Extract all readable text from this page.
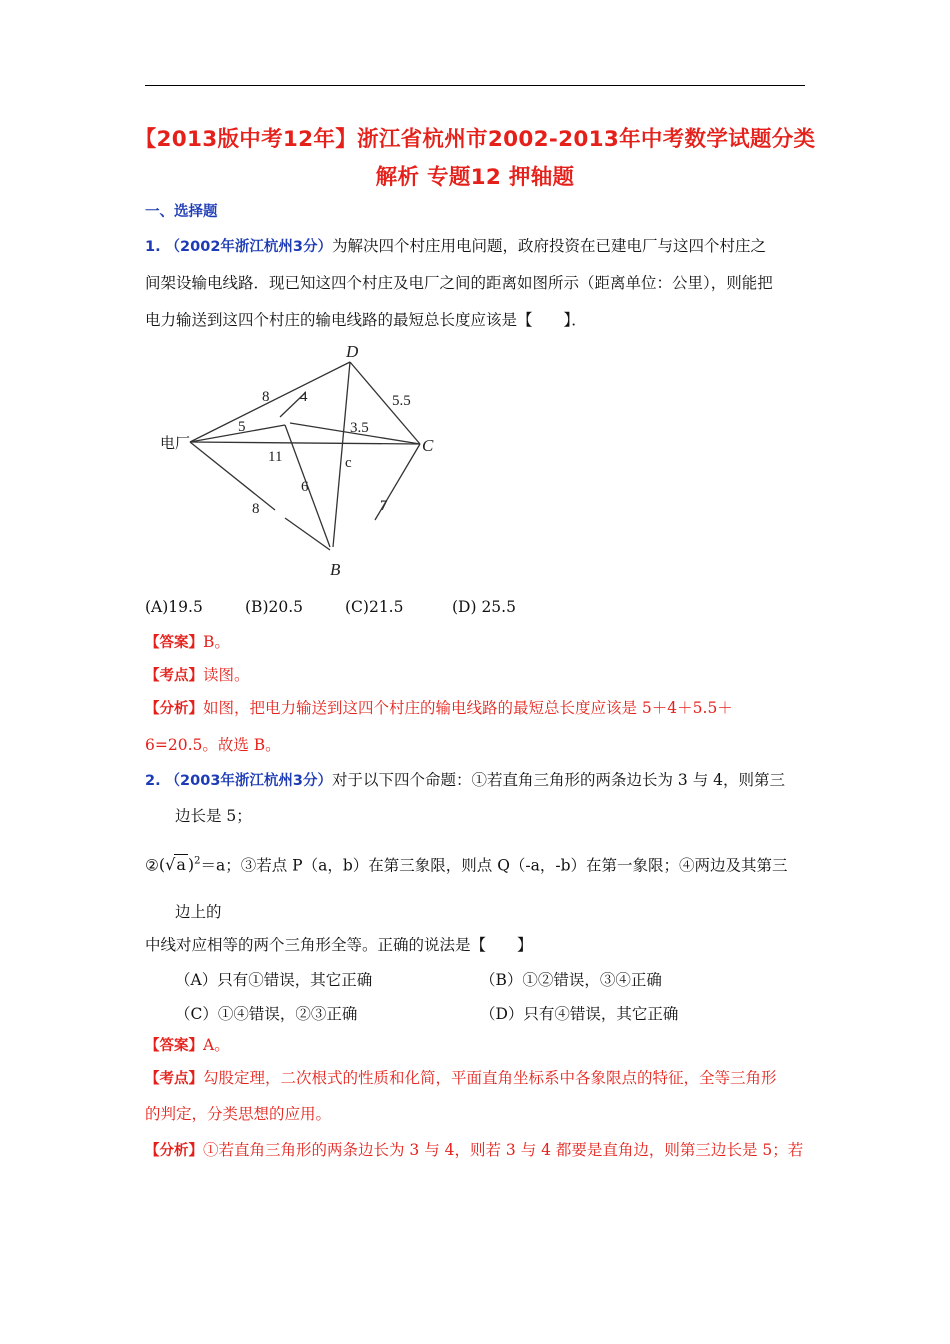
【2013版中考12年】浙江省杭州市2002-2013年中考数学试题分类
解析 专题12 押轴题
一、选择题
1. （2002年浙江杭州3分）为解决四个村庄用电问题，政府投资在已建电厂与这四个村庄之
间架设输电线路．现已知这四个村庄及电厂之间的距离如图所示（距离单位：公里），则能把
电力输送到这四个村庄的输电线路的最短总长度应该是【　　】．
电厂
D
C
B
8 4	5.5
5	3.5
11	c
6
8	7
(A)19.5	(B)20.5	(C)21.5	(D) 25.5
【答案】B。
【考点】读图。
【分析】如图，把电力输送到这四个村庄的输电线路的最短总长度应该是 5＋4＋5.5＋
6=20.5。故选 B。
2. （2003年浙江杭州3分）对于以下四个命题：①若直角三角形的两条边长为 3 与 4，则第三
边长是 5；
②(√a )$^2$＝a；③若点 P（a，b）在第三象限，则点 Q（-a，-b）在第一象限；④两边及其第三
边上的
中线对应相等的两个三角形全等。正确的说法是【　　】
（A）只有①错误，其它正确	（B）①②错误，③④正确
（C）①④错误，②③正确	（D）只有④错误，其它正确
【答案】A。
【考点】勾股定理，二次根式的性质和化简，平面直角坐标系中各象限点的特征，全等三角形
的判定，分类思想的应用。
【分析】①若直角三角形的两条边长为 3 与 4，则若 3 与 4 都要是直角边，则第三边长是 5；若
